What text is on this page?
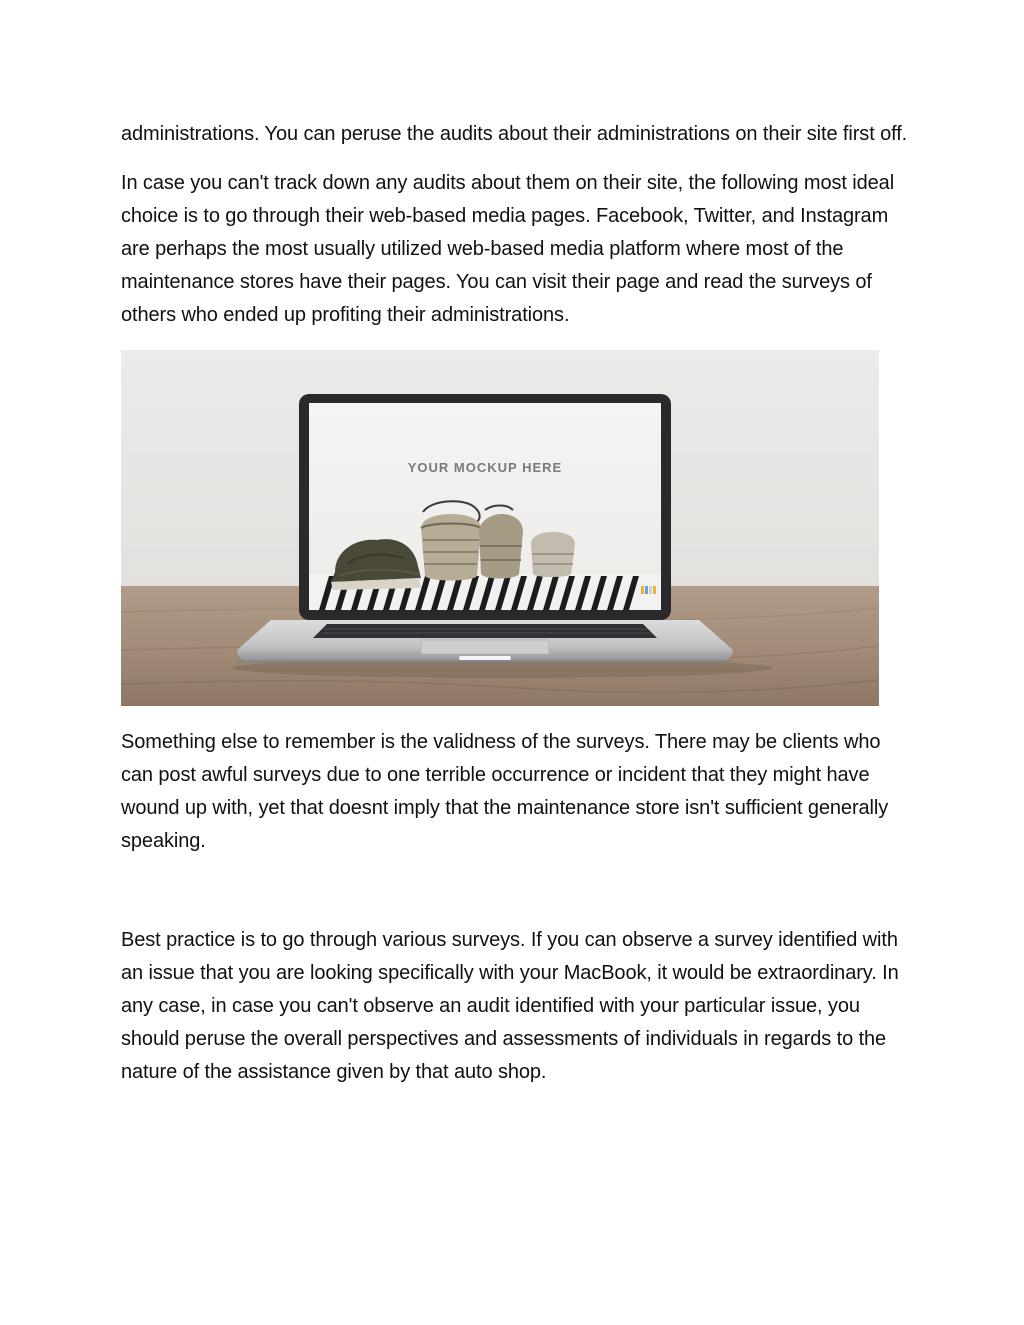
administrations. You can peruse the audits about their administrations on their site first off.

In case you can't track down any audits about them on their site, the following most ideal choice is to go through their web-based media pages. Facebook, Twitter, and Instagram are perhaps the most usually utilized web-based media platform where most of the maintenance stores have their pages. You can visit their page and read the surveys of others who ended up profiting their administrations.

YOUR MOCKUP HERE

Something else to remember is the validness of the surveys. There may be clients who can post awful surveys due to one terrible occurrence or incident that they might have wound up with, yet that doesnt imply that the maintenance store isn't sufficient generally speaking.

Best practice is to go through various surveys. If you can observe a survey identified with an issue that you are looking specifically with your MacBook, it would be extraordinary. In any case, in case you can't observe an audit identified with your particular issue, you should peruse the overall perspectives and assessments of individuals in regards to the nature of the assistance given by that auto shop.
